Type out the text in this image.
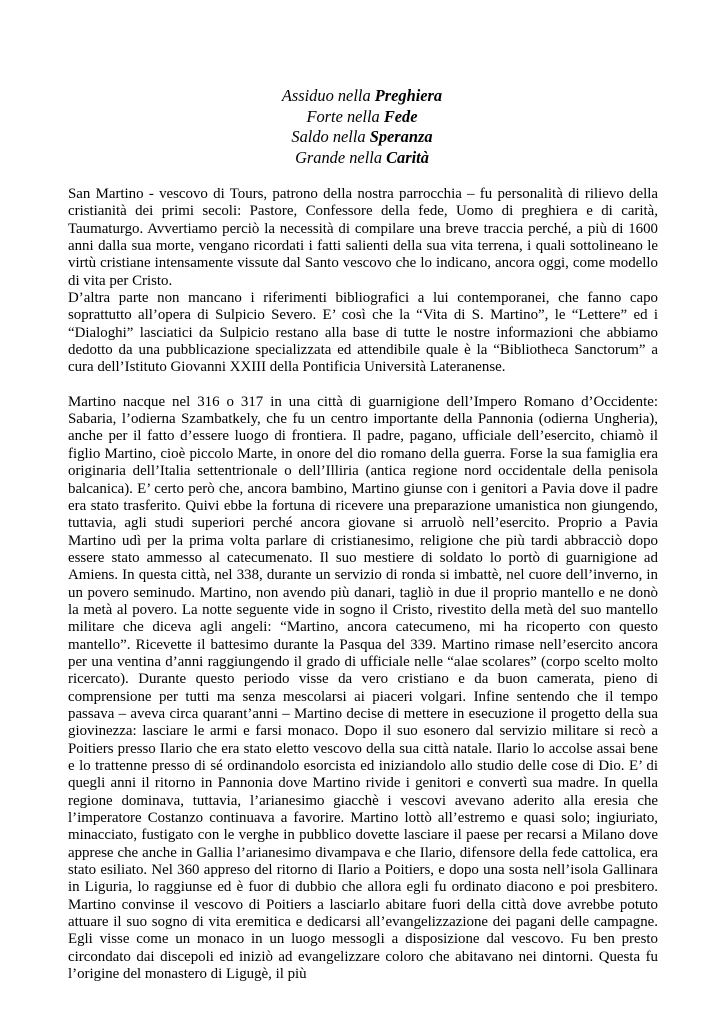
Assiduo nella Preghiera
Forte nella Fede
Saldo nella Speranza
Grande nella Carità

San Martino - vescovo di Tours, patrono della nostra parrocchia – fu personalità di rilievo della cristianità dei primi secoli: Pastore, Confessore della fede, Uomo di preghiera e di carità, Taumaturgo. Avvertiamo perciò la necessità di compilare una breve traccia perché, a più di 1600 anni dalla sua morte, vengano ricordati i fatti salienti della sua vita terrena, i quali sottolineano le virtù cristiane intensamente vissute dal Santo vescovo che lo indicano, ancora oggi, come modello di vita per Cristo.

D’altra parte non mancano i riferimenti bibliografici a lui contemporanei, che fanno capo soprattutto all’opera di Sulpicio Severo. E’ così che la “Vita di S. Martino”, le “Lettere” ed i “Dialoghi” lasciatici da Sulpicio restano alla base di tutte le nostre informazioni che abbiamo dedotto da una pubblicazione specializzata ed attendibile quale è la “Bibliotheca Sanctorum” a cura dell’Istituto Giovanni XXIII della Pontificia Università Lateranense.

Martino nacque nel 316 o 317 in una città di guarnigione dell’Impero Romano d’Occidente: Sabaria, l’odierna Szambatkely, che fu un centro importante della Pannonia (odierna Ungheria), anche per il fatto d’essere luogo di frontiera. Il padre, pagano, ufficiale dell’esercito, chiamò il figlio Martino, cioè piccolo Marte, in onore del dio romano della guerra. Forse la sua famiglia era originaria dell’Italia settentrionale o dell’Illiria (antica regione nord occidentale della penisola balcanica). E’ certo però che, ancora bambino, Martino giunse con i genitori a Pavia dove il padre era stato trasferito. Quivi ebbe la fortuna di ricevere una preparazione umanistica non giungendo, tuttavia, agli studi superiori perché ancora giovane si arruolò nell’esercito. Proprio a Pavia Martino udì per la prima volta parlare di cristianesimo, religione che più tardi abbracciò dopo essere stato ammesso al catecumenato. Il suo mestiere di soldato lo portò di guarnigione ad Amiens. In questa città, nel 338, durante un servizio di ronda si imbattè, nel cuore dell’inverno, in un povero seminudo. Martino, non avendo più danari, tagliò in due il proprio mantello e ne donò la metà al povero. La notte seguente vide in sogno il Cristo, rivestito della metà del suo mantello militare che diceva agli angeli: “Martino, ancora catecumeno, mi ha ricoperto con questo mantello”. Ricevette il battesimo durante la Pasqua del 339. Martino rimase nell’esercito ancora per una ventina d’anni raggiungendo il grado di ufficiale nelle “alae scolares” (corpo scelto molto ricercato). Durante questo periodo visse da vero cristiano e da buon camerata, pieno di comprensione per tutti ma senza mescolarsi ai piaceri volgari. Infine sentendo che il tempo passava – aveva circa quarant’anni – Martino decise di mettere in esecuzione il progetto della sua giovinezza: lasciare le armi e farsi monaco. Dopo il suo esonero dal servizio militare si recò a Poitiers presso Ilario che era stato eletto vescovo della sua città natale. Ilario lo accolse assai bene e lo trattenne presso di sé ordinandolo esorcista ed iniziandolo allo studio delle cose di Dio. E’ di quegli anni il ritorno in Pannonia dove Martino rivide i genitori e convertì sua madre. In quella regione dominava, tuttavia, l’arianesimo giacchè i vescovi avevano aderito alla eresia che l’imperatore Costanzo continuava a favorire. Martino lottò all’estremo e quasi solo; ingiuriato, minacciato, fustigato con le verghe in pubblico dovette lasciare il paese per recarsi a Milano dove apprese che anche in Gallia l’arianesimo divampava e che Ilario, difensore della fede cattolica, era stato esiliato. Nel 360 appreso del ritorno di Ilario a Poitiers, e dopo una sosta nell’isola Gallinara in Liguria, lo raggiunse ed è fuor di dubbio che allora egli fu ordinato diacono e poi presbitero. Martino convinse il vescovo di Poitiers a lasciarlo abitare fuori della città dove avrebbe potuto attuare il suo sogno di vita eremitica e dedicarsi all’evangelizzazione dei pagani delle campagne. Egli visse come un monaco in un luogo messogli a disposizione dal vescovo. Fu ben presto circondato dai discepoli ed iniziò ad evangelizzare coloro che abitavano nei dintorni. Questa fu l’origine del monastero di Ligugè, il più
